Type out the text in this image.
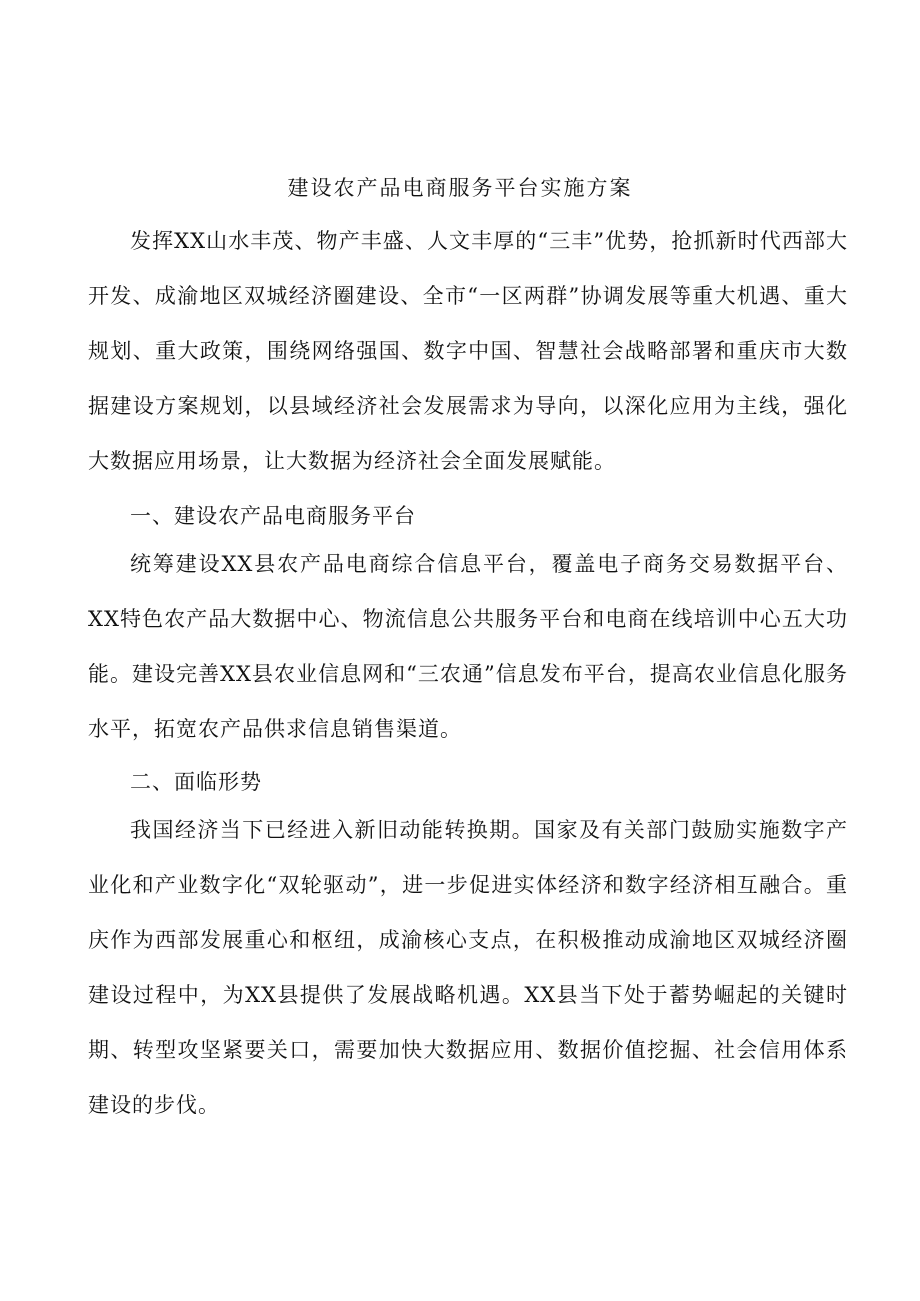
建设农产品电商服务平台实施方案

发挥XX山水丰茂、物产丰盛、人文丰厚的“三丰”优势，抢抓新时代西部大开发、成渝地区双城经济圈建设、全市“一区两群”协调发展等重大机遇、重大规划、重大政策，围绕网络强国、数字中国、智慧社会战略部署和重庆市大数据建设方案规划，以县域经济社会发展需求为导向，以深化应用为主线，强化大数据应用场景，让大数据为经济社会全面发展赋能。

一、建设农产品电商服务平台

统筹建设XX县农产品电商综合信息平台，覆盖电子商务交易数据平台、XX特色农产品大数据中心、物流信息公共服务平台和电商在线培训中心五大功能。建设完善XX县农业信息网和“三农通”信息发布平台，提高农业信息化服务水平，拓宽农产品供求信息销售渠道。

二、面临形势

我国经济当下已经进入新旧动能转换期。国家及有关部门鼓励实施数字产业化和产业数字化“双轮驱动”，进一步促进实体经济和数字经济相互融合。重庆作为西部发展重心和枢纽，成渝核心支点，在积极推动成渝地区双城经济圈建设过程中，为XX县提供了发展战略机遇。XX县当下处于蓄势崛起的关键时期、转型攻坚紧要关口，需要加快大数据应用、数据价值挖掘、社会信用体系建设的步伐。
